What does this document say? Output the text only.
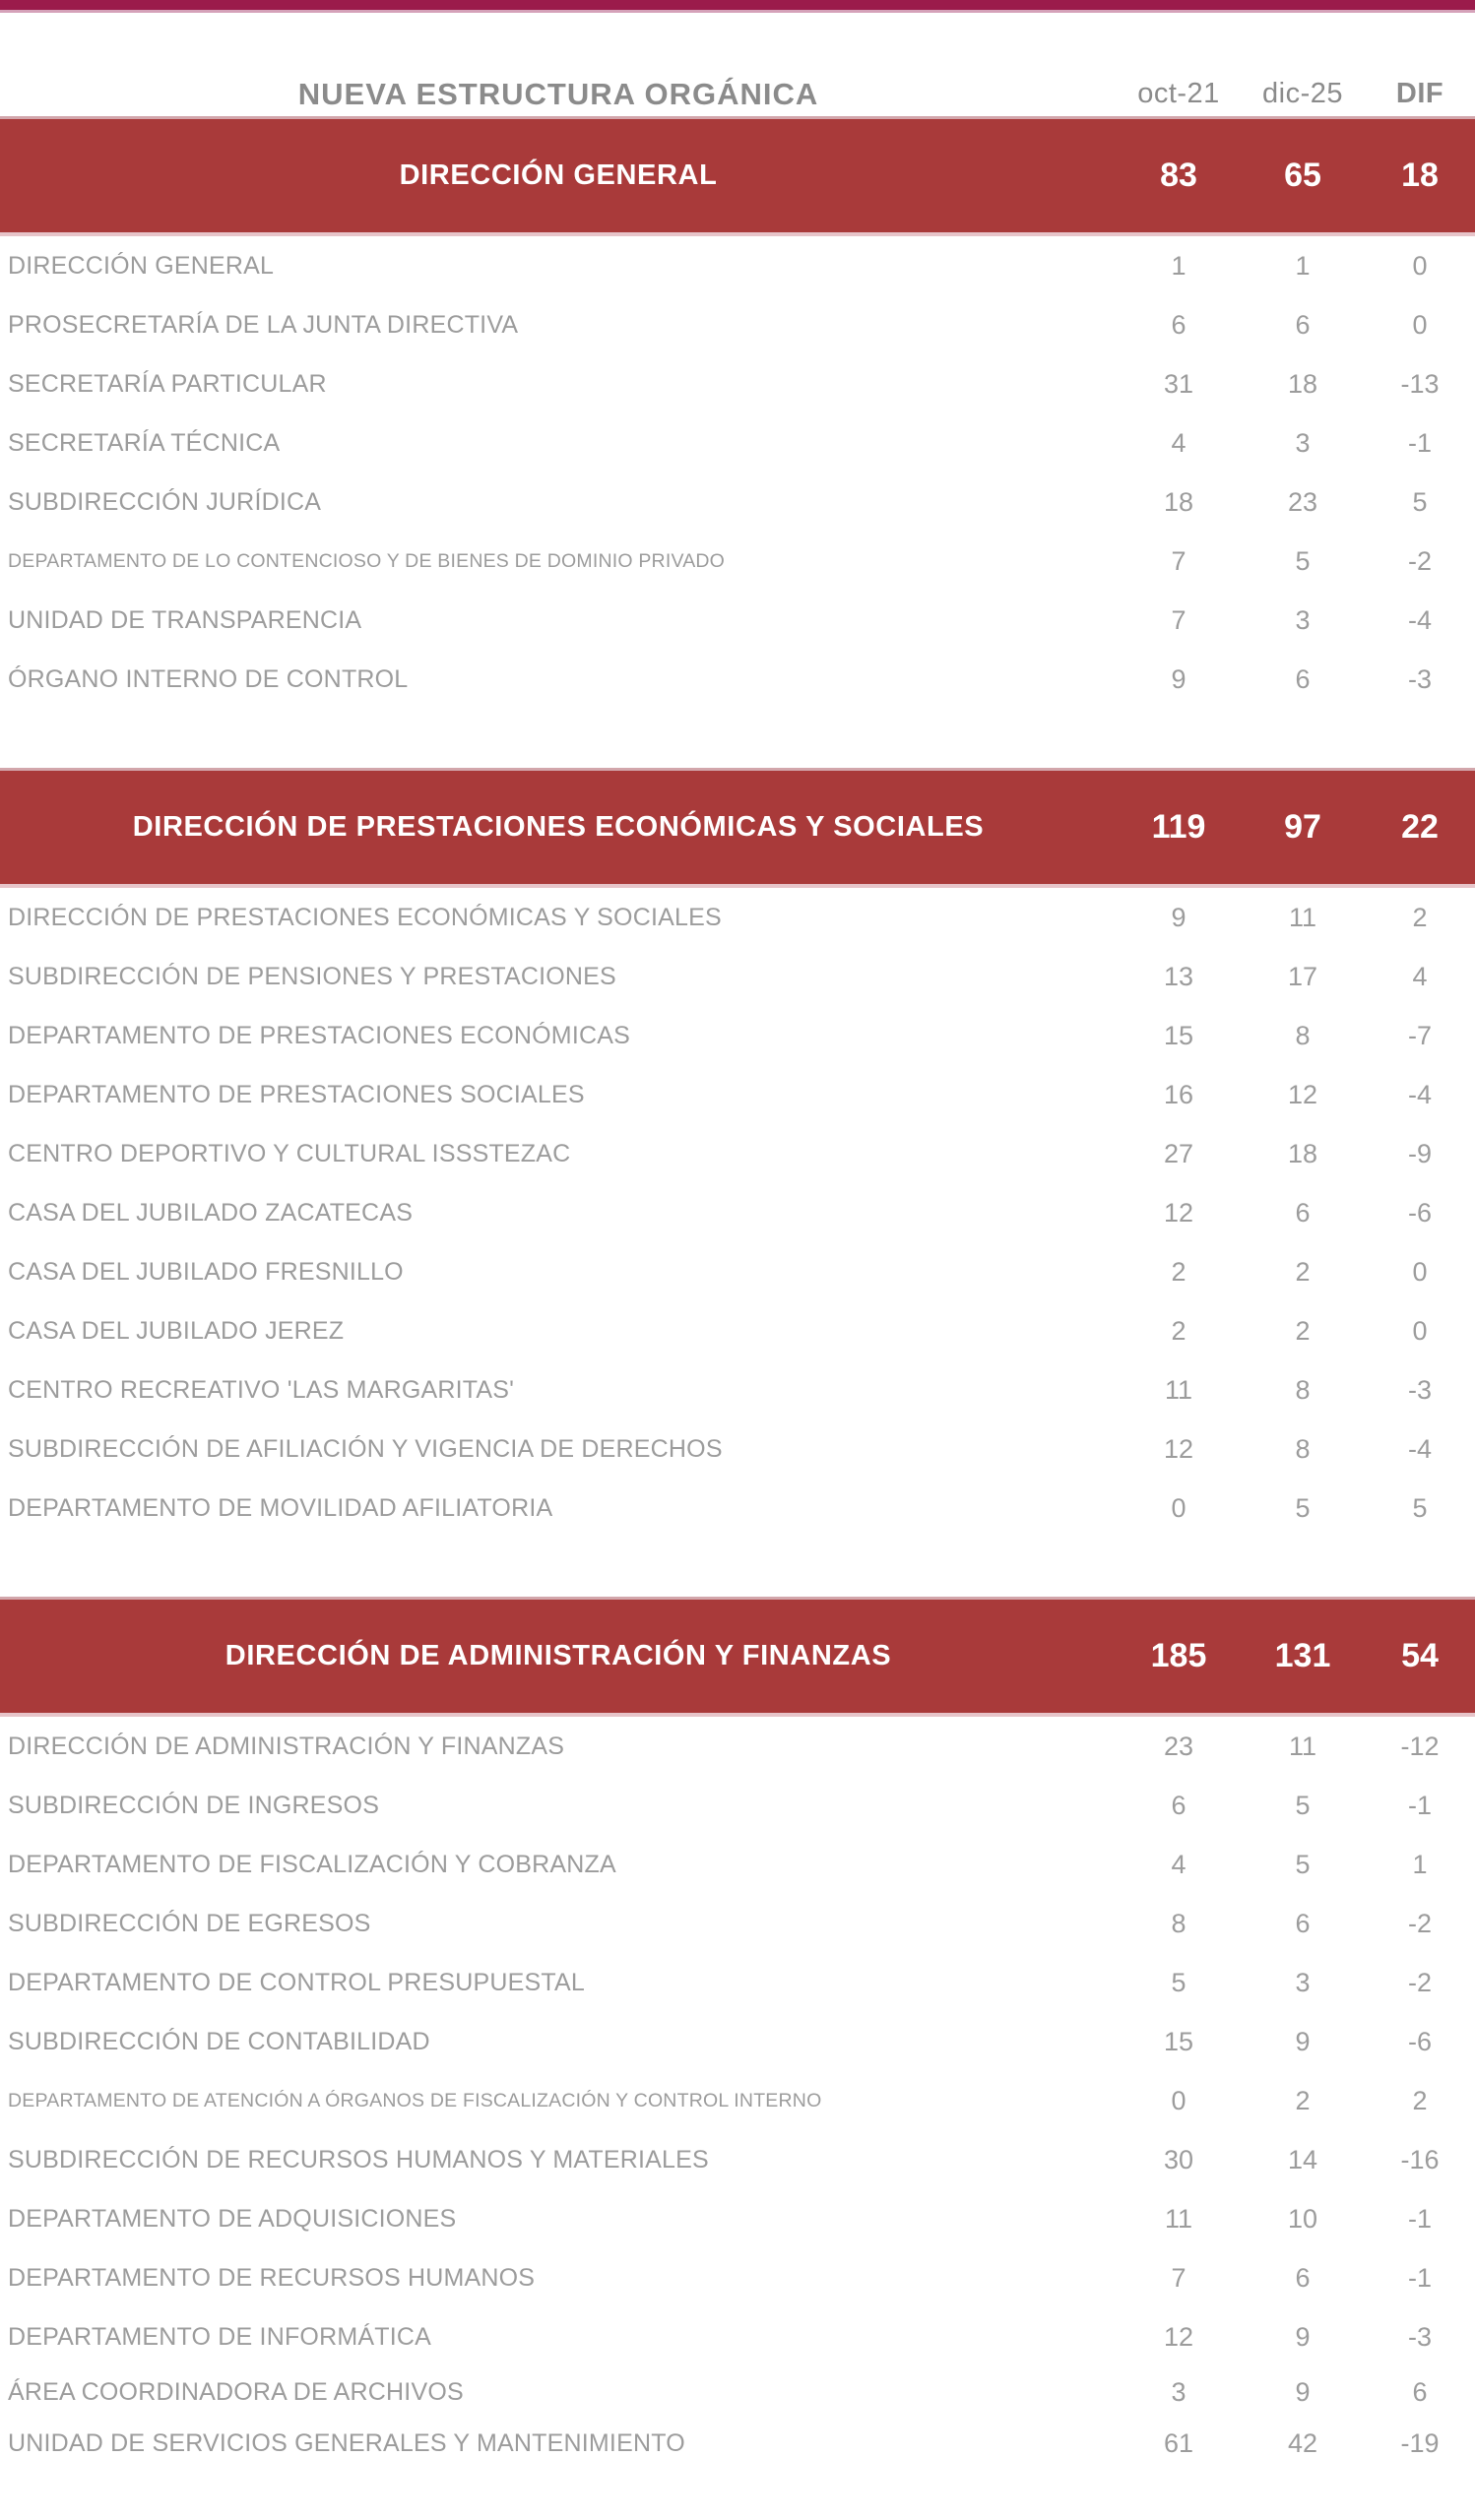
NUEVA ESTRUCTURA ORGÁNICA	oct-21	dic-25	DIF
DIRECCIÓN GENERAL	83	65	18
DIRECCIÓN GENERAL	1	1	0
PROSECRETARÍA DE LA JUNTA DIRECTIVA	6	6	0
SECRETARÍA PARTICULAR	31	18	-13
SECRETARÍA TÉCNICA	4	3	-1
SUBDIRECCIÓN JURÍDICA	18	23	5
DEPARTAMENTO DE LO CONTENCIOSO Y DE BIENES DE DOMINIO PRIVADO	7	5	-2
UNIDAD DE TRANSPARENCIA	7	3	-4
ÓRGANO INTERNO DE CONTROL	9	6	-3
DIRECCIÓN DE PRESTACIONES ECONÓMICAS Y SOCIALES	119	97	22
DIRECCIÓN DE PRESTACIONES ECONÓMICAS Y SOCIALES	9	11	2
SUBDIRECCIÓN DE PENSIONES Y PRESTACIONES	13	17	4
DEPARTAMENTO DE PRESTACIONES ECONÓMICAS	15	8	-7
DEPARTAMENTO DE PRESTACIONES SOCIALES	16	12	-4
CENTRO DEPORTIVO Y CULTURAL ISSSTEZAC	27	18	-9
CASA DEL JUBILADO ZACATECAS	12	6	-6
CASA DEL JUBILADO FRESNILLO	2	2	0
CASA DEL JUBILADO JEREZ	2	2	0
CENTRO RECREATIVO 'LAS MARGARITAS'	11	8	-3
SUBDIRECCIÓN DE AFILIACIÓN Y VIGENCIA DE DERECHOS	12	8	-4
DEPARTAMENTO DE MOVILIDAD AFILIATORIA	0	5	5
DIRECCIÓN DE ADMINISTRACIÓN Y FINANZAS	185	131	54
DIRECCIÓN DE ADMINISTRACIÓN Y FINANZAS	23	11	-12
SUBDIRECCIÓN DE INGRESOS	6	5	-1
DEPARTAMENTO DE FISCALIZACIÓN Y COBRANZA	4	5	1
SUBDIRECCIÓN DE EGRESOS	8	6	-2
DEPARTAMENTO DE CONTROL PRESUPUESTAL	5	3	-2
SUBDIRECCIÓN DE CONTABILIDAD	15	9	-6
DEPARTAMENTO DE ATENCIÓN A ÓRGANOS DE FISCALIZACIÓN Y CONTROL INTERNO	0	2	2
SUBDIRECCIÓN DE RECURSOS HUMANOS Y MATERIALES	30	14	-16
DEPARTAMENTO DE ADQUISICIONES	11	10	-1
DEPARTAMENTO DE RECURSOS HUMANOS	7	6	-1
DEPARTAMENTO DE INFORMÁTICA	12	9	-3
ÁREA COORDINADORA DE ARCHIVOS	3	9	6
UNIDAD DE SERVICIOS GENERALES Y MANTENIMIENTO	61	42	-19
